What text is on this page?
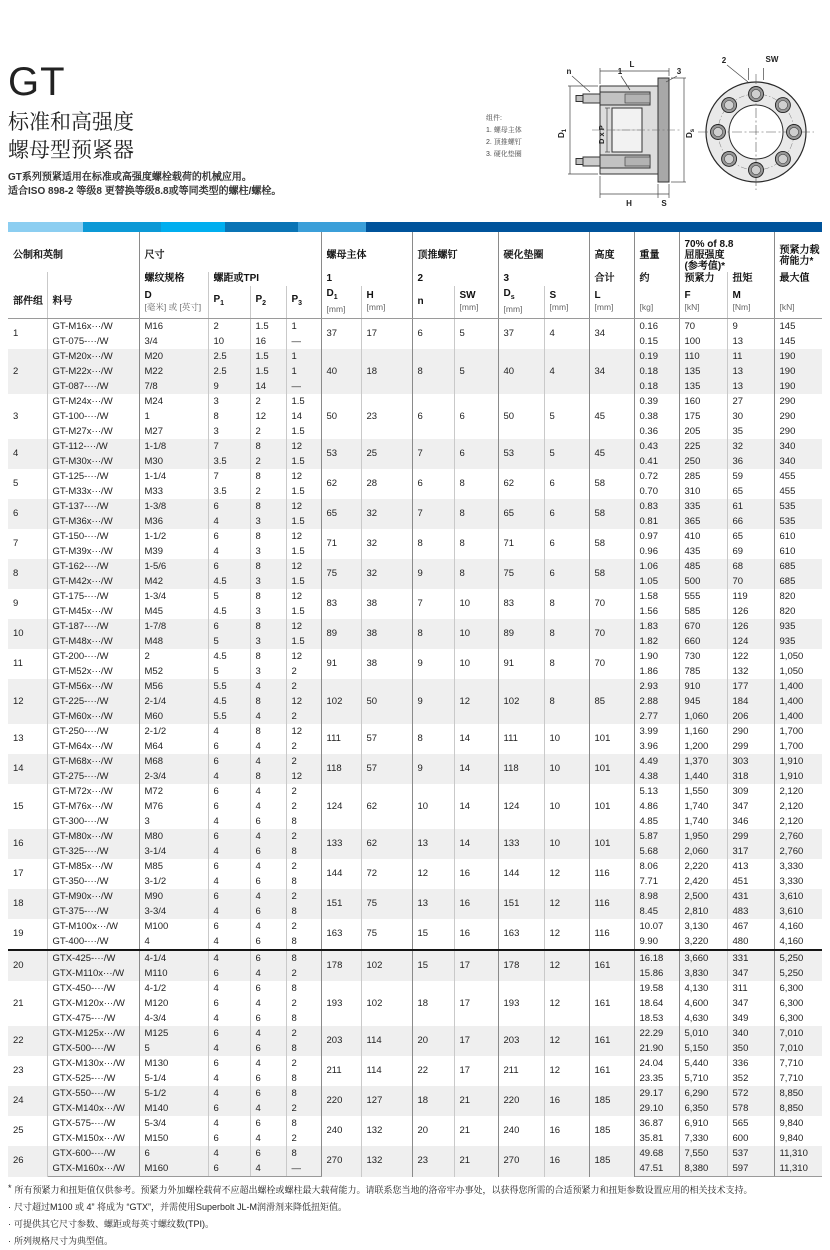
GT
标准和高强度
螺母型预紧器
GT系列预紧适用在标准或高强度螺栓载荷的机械应用。
适合ISO 898-2 等级8 更替换等级8.8或等同类型的螺柱/螺栓。
组件:
1. 螺母主体
2. 顶推螺钉
3. 硬化垫圈
L
n	1	3
$D_1$	D x P	$D_s$
H	S
2	SW
公制和英制		尺寸				螺母主体		顶推螺钉		硬化垫圈		高度	重量	70% of 8.8
屈服强度
(参考值)*		预紧力载荷能力*
		螺纹规格	螺距或TPI			1		2		3		合计	约	预紧力	扭矩	最大值
部件组	料号	D
[毫米] 或 [英寸]	$P_1$	$P_2$	$P_3$	$D_1$
[mm]	H
[mm]	n	SW
[mm]	$D_s$
[mm]	S
[mm]	L
[mm]	[kg]	F
[kN]	M
[Nm]	[kN]

1	GT-M16x···/W	M16	2	1.5	1	37	17	6	5	37	4	34	0.16	70	9	145
	GT-075-···/W	3/4	10	16	—								0.15	100	13	145
2	GT-M20x···/W	M20	2.5	1.5	1	40	18	8	5	40	4	34	0.19	110	11	190
	GT-M22x···/W	M22	2.5	1.5	1								0.18	135	13	190
	GT-087-···/W	7/8	9	14	—								0.18	135	13	190
3	GT-M24x···/W	M24	3	2	1.5	50	23	6	6	50	5	45	0.39	160	27	290
	GT-100-···/W	1	8	12	14								0.38	175	30	290
	GT-M27x···/W	M27	3	2	1.5								0.36	205	35	290
4	GT-112-···/W	1-1/8	7	8	12	53	25	7	6	53	5	45	0.43	225	32	340
	GT-M30x···/W	M30	3.5	2	1.5								0.41	250	36	340
5	GT-125-···/W	1-1/4	7	8	12	62	28	6	8	62	6	58	0.72	285	59	455
	GT-M33x···/W	M33	3.5	2	1.5								0.70	310	65	455
6	GT-137-···/W	1-3/8	6	8	12	65	32	7	8	65	6	58	0.83	335	61	535
	GT-M36x···/W	M36	4	3	1.5								0.81	365	66	535
7	GT-150-···/W	1-1/2	6	8	12	71	32	8	8	71	6	58	0.97	410	65	610
	GT-M39x···/W	M39	4	3	1.5								0.96	435	69	610
8	GT-162-···/W	1-5/6	6	8	12	75	32	9	8	75	6	58	1.06	485	68	685
	GT-M42x···/W	M42	4.5	3	1.5								1.05	500	70	685
9	GT-175-···/W	1-3/4	5	8	12	83	38	7	10	83	8	70	1.58	555	119	820
	GT-M45x···/W	M45	4.5	3	1.5								1.56	585	126	820
10	GT-187-···/W	1-7/8	6	8	12	89	38	8	10	89	8	70	1.83	670	126	935
	GT-M48x···/W	M48	5	3	1.5								1.82	660	124	935
11	GT-200-···/W	2	4.5	8	12	91	38	9	10	91	8	70	1.90	730	122	1,050
	GT-M52x···/W	M52	5	3	2								1.86	785	132	1,050
12	GT-M56x···/W	M56	5.5	4	2	102	50	9	12	102	8	85	2.93	910	177	1,400
	GT-225-···/W	2-1/4	4.5	8	12								2.88	945	184	1,400
	GT-M60x···/W	M60	5.5	4	2								2.77	1,060	206	1,400
13	GT-250-···/W	2-1/2	4	8	12	111	57	8	14	111	10	101	3.99	1,160	290	1,700
	GT-M64x···/W	M64	6	4	2								3.96	1,200	299	1,700
14	GT-M68x···/W	M68	6	4	2	118	57	9	14	118	10	101	4.49	1,370	303	1,910
	GT-275-···/W	2-3/4	4	8	12								4.38	1,440	318	1,910
15	GT-M72x···/W	M72	6	4	2	124	62	10	14	124	10	101	5.13	1,550	309	2,120
	GT-M76x···/W	M76	6	4	2								4.86	1,740	347	2,120
	GT-300-···/W	3	4	6	8								4.85	1,740	346	2,120
16	GT-M80x···/W	M80	6	4	2	133	62	13	14	133	10	101	5.87	1,950	299	2,760
	GT-325-···/W	3-1/4	4	6	8								5.68	2,060	317	2,760
17	GT-M85x···/W	M85	6	4	2	144	72	12	16	144	12	116	8.06	2,220	413	3,330
	GT-350-···/W	3-1/2	4	6	8								7.71	2,420	451	3,330
18	GT-M90x···/W	M90	6	4	2	151	75	13	16	151	12	116	8.98	2,500	431	3,610
	GT-375-···/W	3-3/4	4	6	8								8.45	2,810	483	3,610
19	GT-M100x···/W	M100	6	4	2	163	75	15	16	163	12	116	10.07	3,130	467	4,160
	GT-400-···/W	4	4	6	8								9.90	3,220	480	4,160
20	GTX-425-···/W	4-1/4	4	6	8	178	102	15	17	178	12	161	16.18	3,660	331	5,250
	GTX-M110x···/W	M110	6	4	2								15.86	3,830	347	5,250
21	GTX-450-···/W	4-1/2	4	6	8	193	102	18	17	193	12	161	19.58	4,130	311	6,300
	GTX-M120x···/W	M120	6	4	2								18.64	4,600	347	6,300
	GTX-475-···/W	4-3/4	4	6	8								18.53	4,630	349	6,300
22	GTX-M125x···/W	M125	6	4	2	203	114	20	17	203	12	161	22.29	5,010	340	7,010
	GTX-500-···/W	5	4	6	8								21.90	5,150	350	7,010
23	GTX-M130x···/W	M130	6	4	2	211	114	22	17	211	12	161	24.04	5,440	336	7,710
	GTX-525-···/W	5-1/4	4	6	8								23.35	5,710	352	7,710
24	GTX-550-···/W	5-1/2	4	6	8	220	127	18	21	220	16	185	29.17	6,290	572	8,850
	GTX-M140x···/W	M140	6	4	2								29.10	6,350	578	8,850
25	GTX-575-···/W	5-3/4	4	6	8	240	132	20	21	240	16	185	36.87	6,910	565	9,840
	GTX-M150x···/W	M150	6	4	2								35.81	7,330	600	9,840
26	GTX-600-···/W	6	4	6	8	270	132	23	21	270	16	185	49.68	7,550	537	11,310
	GTX-M160x···/W	M160	6	4	—								47.51	8,380	597	11,310
* 所有预紧力和扭矩值仅供参考。预紧力外加螺栓载荷不应超出螺栓或螺柱最大载荷能力。请联系您当地的洛帝牢办事处，以获得您所需的合适预紧力和扭矩参数设置应用的相关技术支持。
· 尺寸超过M100 或 4” 将成为 “GTX”，并需使用Superbolt JL-M润滑剂来降低扭矩值。
· 可提供其它尺寸参数、螺距或每英寸螺纹数(TPI)。
· 所列规格尺寸为典型值。
